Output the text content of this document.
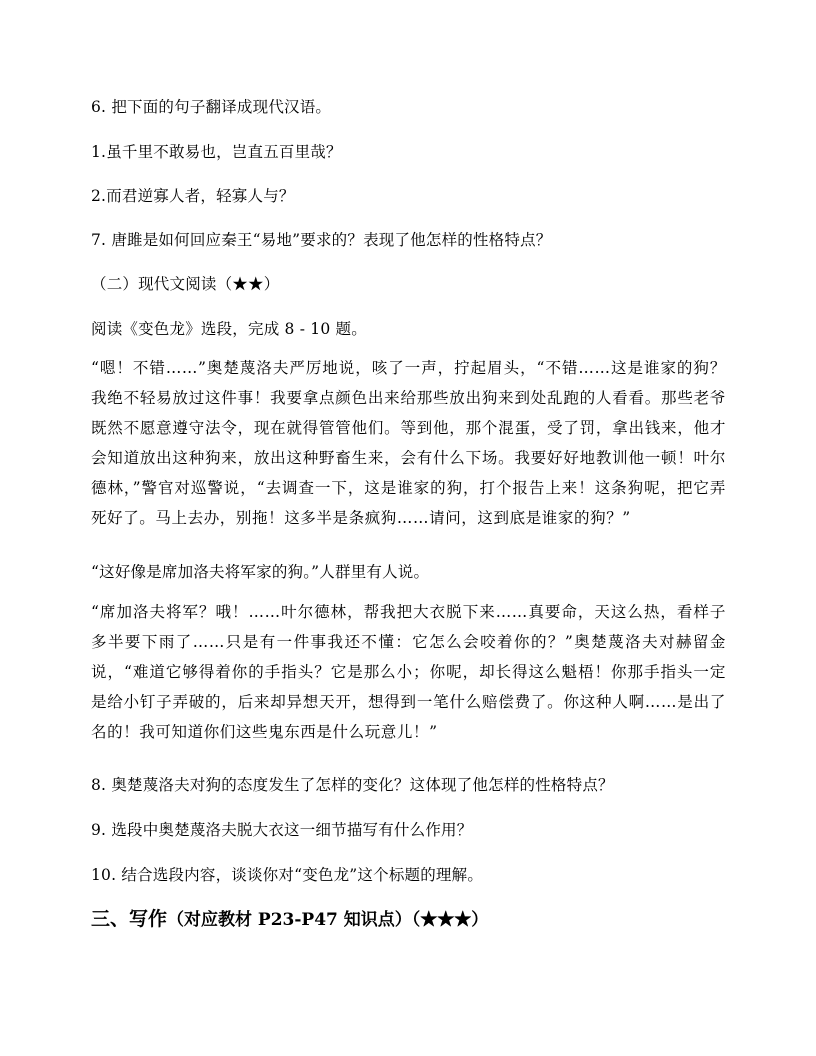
6. 把下面的句子翻译成现代汉语。
1.虽千里不敢易也，岂直五百里哉？
2.而君逆寡人者，轻寡人与？
7. 唐雎是如何回应秦王“易地”要求的？表现了他怎样的性格特点？
（二）现代文阅读（★★）
阅读《变色龙》选段，完成 8 - 10 题。
“嗯！不错……”奥楚蔑洛夫严厉地说，咳了一声，拧起眉头，“不错……这是谁家的狗？我绝不轻易放过这件事！我要拿点颜色出来给那些放出狗来到处乱跑的人看看。那些老爷既然不愿意遵守法令，现在就得管管他们。等到他，那个混蛋，受了罚，拿出钱来，他才会知道放出这种狗来，放出这种野畜生来，会有什么下场。我要好好地教训他一顿！叶尔德林，”警官对巡警说，“去调查一下，这是谁家的狗，打个报告上来！这条狗呢，把它弄死好了。马上去办，别拖！这多半是条疯狗……请问，这到底是谁家的狗？”
“这好像是席加洛夫将军家的狗。”人群里有人说。
“席加洛夫将军？哦！……叶尔德林，帮我把大衣脱下来……真要命，天这么热，看样子多半要下雨了……只是有一件事我还不懂：它怎么会咬着你的？”奥楚蔑洛夫对赫留金说，“难道它够得着你的手指头？它是那么小；你呢，却长得这么魁梧！你那手指头一定是给小钉子弄破的，后来却异想天开，想得到一笔什么赔偿费了。你这种人啊……是出了名的！我可知道你们这些鬼东西是什么玩意儿！”
8. 奥楚蔑洛夫对狗的态度发生了怎样的变化？这体现了他怎样的性格特点？
9. 选段中奥楚蔑洛夫脱大衣这一细节描写有什么作用？
10. 结合选段内容，谈谈你对“变色龙”这个标题的理解。
三、写作（对应教材 P23-P47 知识点）（★★★）
